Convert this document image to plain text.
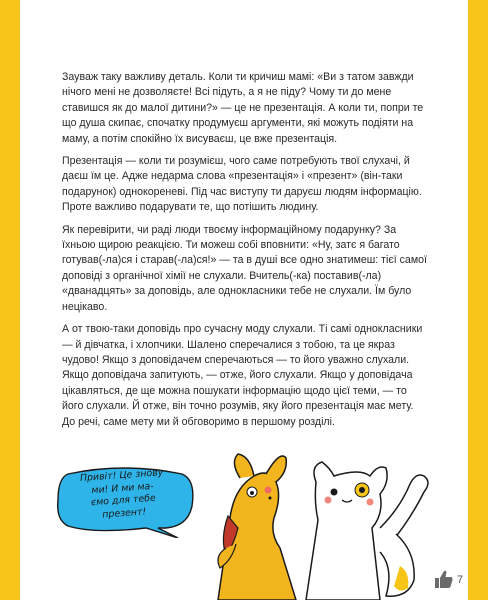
Зауваж таку важливу деталь. Коли ти кричиш мамі: «Ви з татом завжди нічого мені не дозволяєте! Всі підуть, а я не піду? Чому ти до мене ставишся як до малої дитини?» — це не презентація. А коли ти, попри те що душа скипає, спочатку продумуєш аргументи, які можуть подіяти на маму, а потім спокійно їх висуваєш, це вже презентація.

Презентація — коли ти розумієш, чого саме потребують твої слухачі, й даєш їм це. Адже недарма слова «презентація» і «презент» (він-таки подарунок) однокореневі. Під час виступу ти даруєш людям інформацію. Проте важливо подарувати те, що потішить людину.

Як перевірити, чи раді люди твоєму інформаційному подарунку? За їхньою щирою реакцією. Ти можеш собі вповнити: «Ну, затє я багато готував(-ла)ся і старав(-ла)ся!» — та в душі все одно знатимеш: тієї самої доповіді з органічної хімії не слухали. Вчитель(-ка) поставив(-ла) «дванадцять» за доповідь, але однокласники тебе не слухали. Їм було нецікаво.

А от твою-таки доповідь про сучасну моду слухали. Ті самі однокласники — й дівчатка, і хлопчики. Шалено сперечалися з тобою, та це якраз чудово! Якщо з доповідачем сперечаються — то його уважно слухали. Якщо доповідача запитують, — отже, його слухали. Якщо у доповідача цікавляться, де ще можна пошукати інформацію щодо цієї теми, — то його слухали. Й отже, він точно розумів, яку його презентація має мету. До речі, саме мету ми й обговоримо в першому розділі.

Привіт! Це знову
ми! И ми ма-
ємо для тебе
презент!
7
